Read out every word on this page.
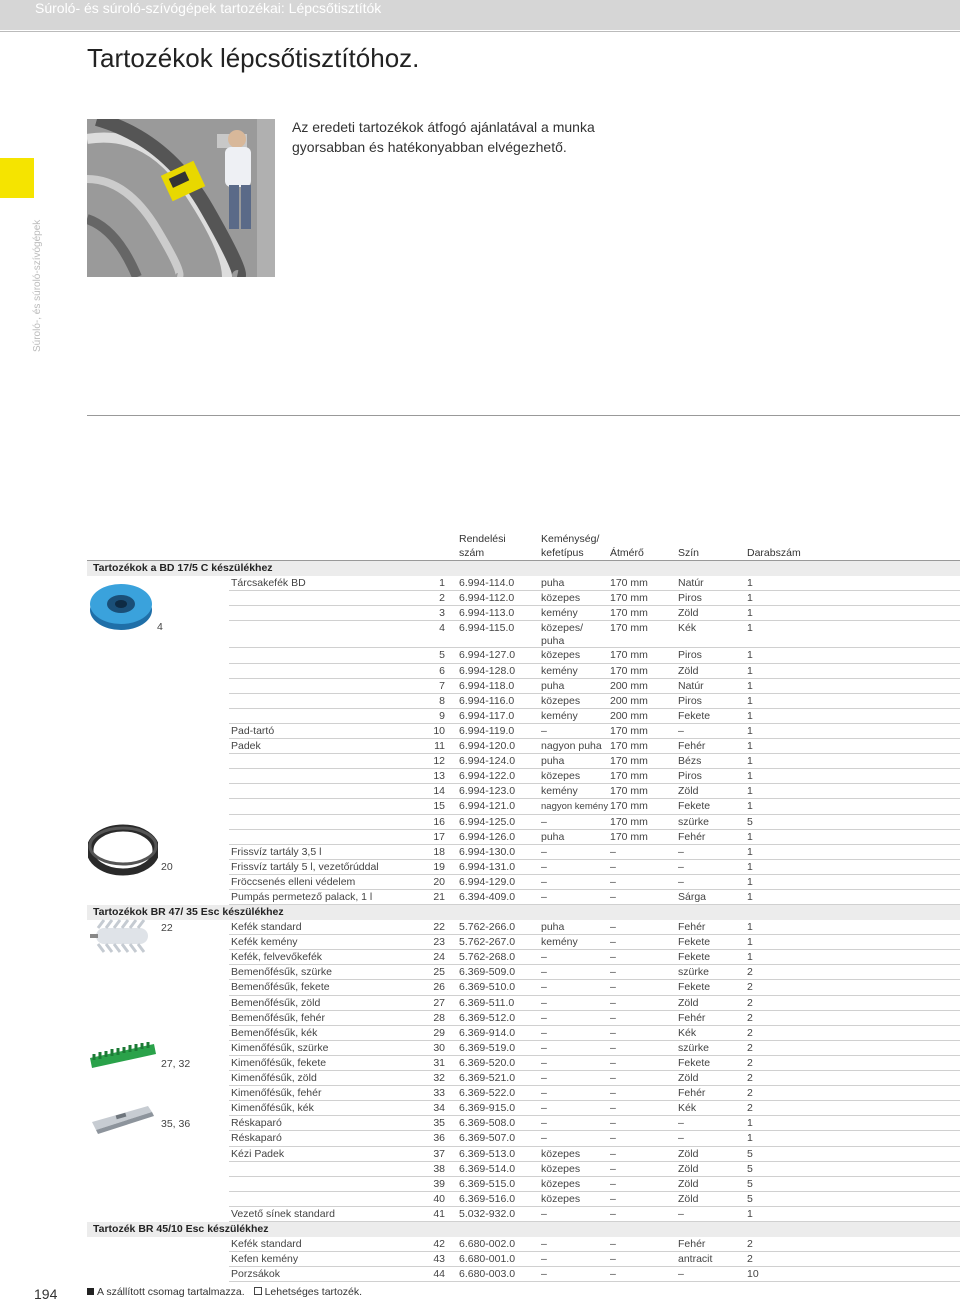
Súroló- és súroló-szívógépek tartozékai: Lépcsőtisztítók
Súroló-, és súroló-szívógépek
Tartozékok lépcsőtisztítóhoz.
Az eredeti tartozékok átfogó ajánlatával a munka gyorsabban és hatékonyabban elvégezhető.
Rendelési
szám
Keménység/
kefetípus	Átmérő	Szín	Darabszám
Tartozékok a BD 17/5 C készülékhez
Tartozékok BR 47/ 35 Esc készülékhez
Tartozék BR 45/10 Esc készülékhez
Tárcsakefék BD	1 6.994-114.0	puha	170 mm	Natúr	1
2 6.994-112.0	közepes	170 mm	Piros	1
3 6.994-113.0	kemény	170 mm	Zöld	1
4 6.994-115.0	közepes/	170 mm	Kék	1
puha
5 6.994-127.0 közepes	170 mm	Piros	1
6 6.994-128.0 kemény	170 mm	Zöld	1
7 6.994-118.0	puha	200 mm	Natúr	1
8 6.994-116.0	közepes	200 mm	Piros	1
9 6.994-117.0	kemény	200 mm	Fekete	1
Pad-tartó	10 6.994-119.0	–	170 mm	–	1
Padek	11 6.994-120.0 nagyon puha 170 mm	Fehér	1
12 6.994-124.0 puha	170 mm	Bézs	1
13 6.994-122.0 közepes	170 mm	Piros	1
14 6.994-123.0 kemény	170 mm	Zöld	1
15 6.994-121.0	nagyon kemény 170 mm	Fekete	1
16 6.994-125.0 –	170 mm	szürke	5
17 6.994-126.0 puha	170 mm	Fehér	1
Frissvíz tartály 3,5 l	18 6.994-130.0 –	–	–	1
Frissvíz tartály 5 l, vezetőrúddal	19 6.994-131.0 –	–	–	1
Fröccsenés elleni védelem	20 6.994-129.0 –	–	–	1
Pumpás permetező palack, 1 l	21 6.394-409.0 –	–	Sárga	1
Kefék standard	22 5.762-266.0 puha	–	Fehér	1
Kefék kemény	23 5.762-267.0 kemény	–	Fekete	1
Kefék, felvevőkefék	24 5.762-268.0 –	–	Fekete	1
Bemenőfésűk, szürke	25 6.369-509.0 –	–	szürke	2
Bemenőfésűk, fekete	26 6.369-510.0 –	–	Fekete	2
Bemenőfésűk, zöld	27 6.369-511.0	–	–	Zöld	2
Bemenőfésűk, fehér	28 6.369-512.0 –	–	Fehér	2
Bemenőfésűk, kék	29 6.369-914.0 –	–	Kék	2
Kimenőfésűk, szürke	30 6.369-519.0 –	–	szürke	2
Kimenőfésűk, fekete	31 6.369-520.0 –	–	Fekete	2
Kimenőfésűk, zöld	32 6.369-521.0 –	–	Zöld	2
Kimenőfésűk, fehér	33 6.369-522.0 –	–	Fehér	2
Kimenőfésűk, kék	34 6.369-915.0 –	–	Kék	2
Réskaparó	35 6.369-508.0 –	–	–	1
Réskaparó	36 6.369-507.0 –	–	–	1
Kézi Padek	37 6.369-513.0 közepes	–	Zöld	5
38 6.369-514.0 közepes	–	Zöld	5
39 6.369-515.0 közepes	–	Zöld	5
40 6.369-516.0 közepes	–	Zöld	5
Vezető sínek standard	41 5.032-932.0 –	–	–	1
Kefék standard	42 6.680-002.0 –	–	Fehér	2
Kefen kemény	43 6.680-001.0 –	–	antracit	2
Porzsákok	44 6.680-003.0 –	–	–	10
4
20
22
27, 32
35, 36
194	A szállított csomag tartalmazza. Lehetséges tartozék.
